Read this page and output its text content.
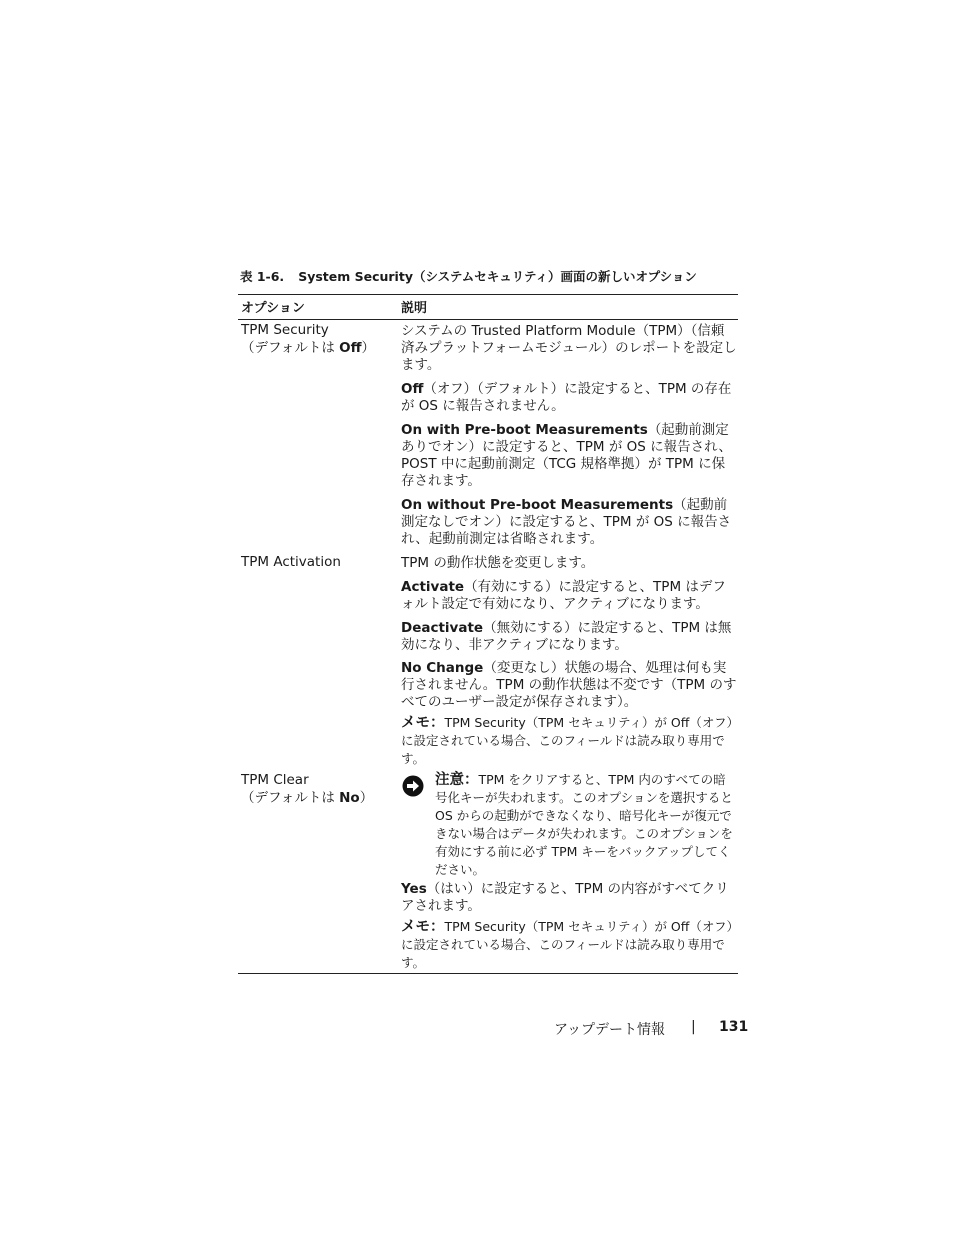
表 1-6. System Security（システムセキュリティ）画面の新しいオプション
オプション	説明
TPM Security
（デフォルトは Off）

システムの Trusted Platform Module（TPM）（信頼済みプラットフォームモジュール）のレポートを設定します。

Off（オフ）（デフォルト）に設定すると、TPM の存在が OS に報告されません。

On with Pre-boot Measurements（起動前測定ありでオン）に設定すると、TPM が OS に報告され、POST 中に起動前測定（TCG 規格準拠）が TPM に保存されます。

On without Pre-boot Measurements（起動前測定なしでオン）に設定すると、TPM が OS に報告され、起動前測定は省略されます。

TPM Activation	TPM の動作状態を変更します。

Activate（有効にする）に設定すると、TPM はデフォルト設定で有効になり、アクティブになります。

Deactivate（無効にする）に設定すると、TPM は無効になり、非アクティブになります。

No Change（変更なし）状態の場合、処理は何も実行されません。TPM の動作状態は不変です（TPM のすべてのユーザー設定が保存されます）。

メモ：TPM Security（TPM セキュリティ）が Off（オフ）に設定されている場合、このフィールドは読み取り専用です。

TPM Clear
（デフォルトは No）

注意：TPM をクリアすると、TPM 内のすべての暗号化キーが失われます。このオプションを選択すると OS からの起動ができなくなり、暗号化キーが復元できない場合はデータが失われます。このオプションを有効にする前に必ず TPM キーをバックアップしてください。

Yes（はい）に設定すると、TPM の内容がすべてクリアされます。

メモ：TPM Security（TPM セキュリティ）が Off（オフ）に設定されている場合、このフィールドは読み取り専用です。

アップデート情報 | 131
